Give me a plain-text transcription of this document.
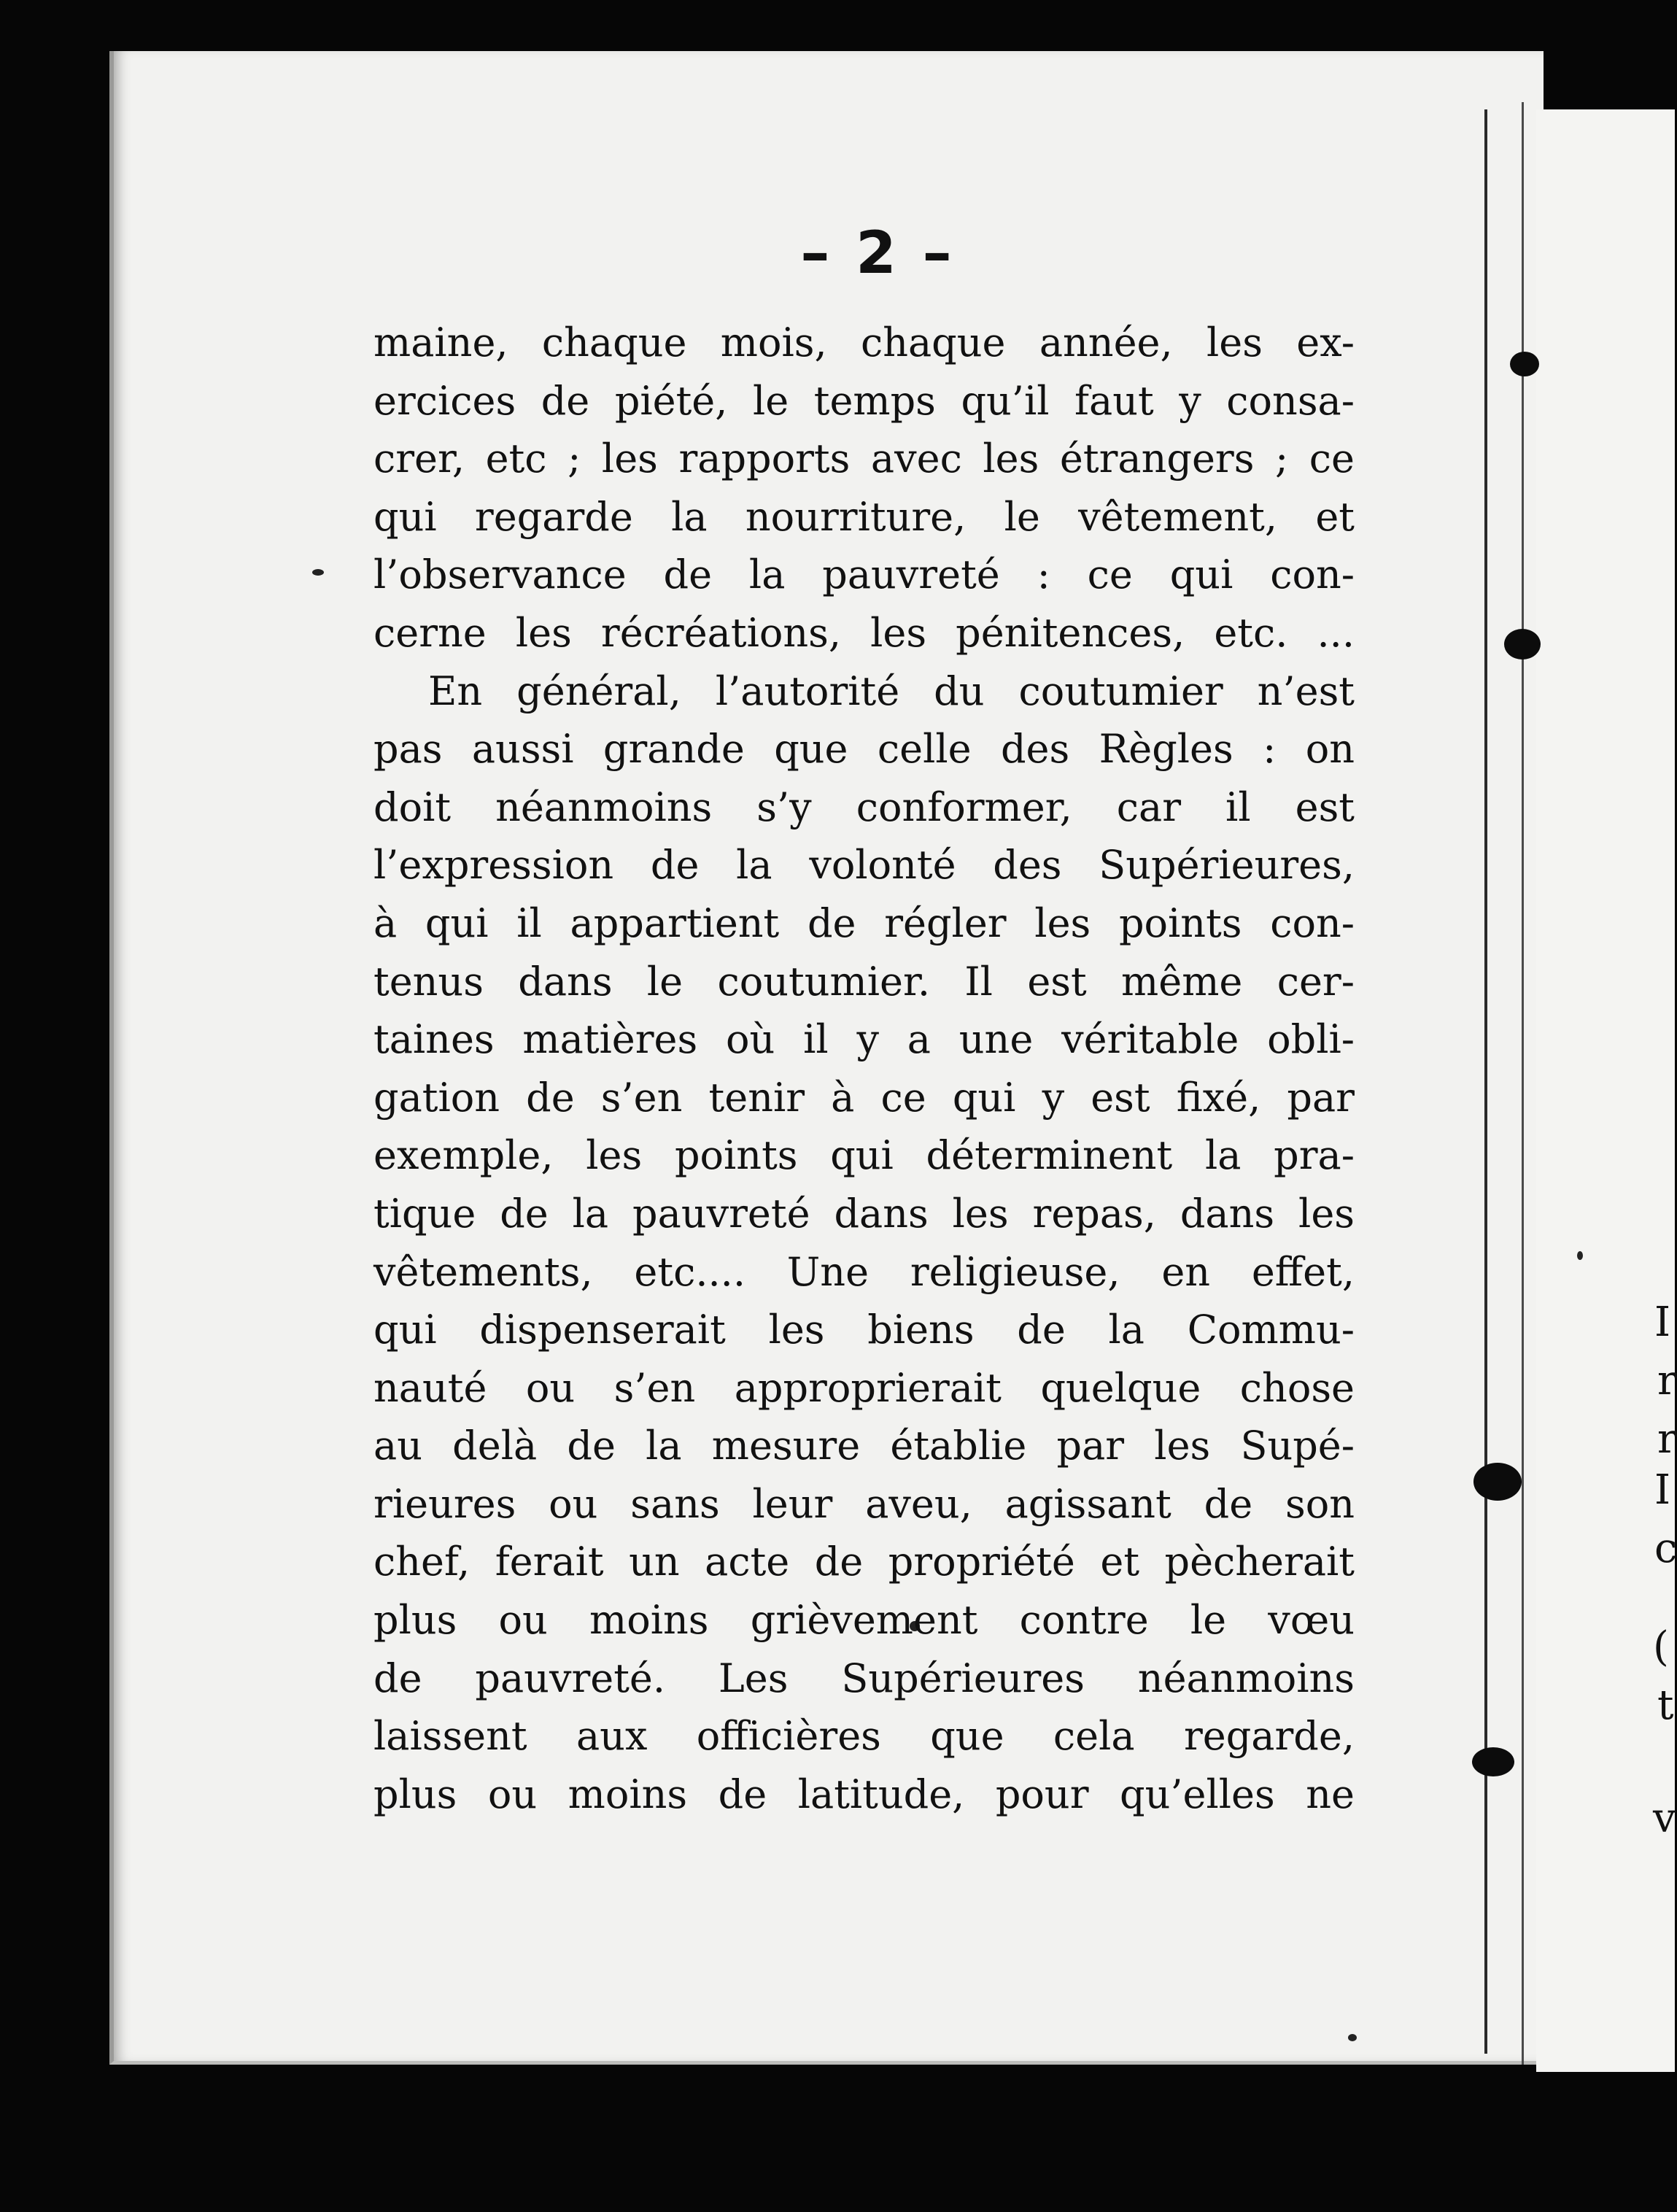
I
r
r
I
c
(
t
v
– 2 –
maine, chaque mois, chaque année, les ex-
ercices de piété, le temps qu’il faut y consa-
crer, etc ; les rapports avec les étrangers ; ce
qui regarde la nourriture, le vêtement, et
l’observance de la pauvreté : ce qui con-
cerne les récréations, les pénitences, etc. ...
En général, l’autorité du coutumier n’est
pas aussi grande que celle des Règles : on
doit néanmoins s’y conformer, car il est
l’expression de la volonté des Supérieures,
à qui il appartient de régler les points con-
tenus dans le coutumier. Il est même cer-
taines matières où il y a une véritable obli-
gation de s’en tenir à ce qui y est fixé, par
exemple, les points qui déterminent la pra-
tique de la pauvreté dans les repas, dans les
vêtements, etc.... Une religieuse, en effet,
qui dispenserait les biens de la Commu-
nauté ou s’en approprierait quelque chose
au delà de la mesure établie par les Supé-
rieures ou sans leur aveu, agissant de son
chef, ferait un acte de propriété et pècherait
plus ou moins grièvement contre le vœu
de pauvreté. Les Supérieures néanmoins
laissent aux officières que cela regarde,
plus ou moins de latitude, pour qu’elles ne
